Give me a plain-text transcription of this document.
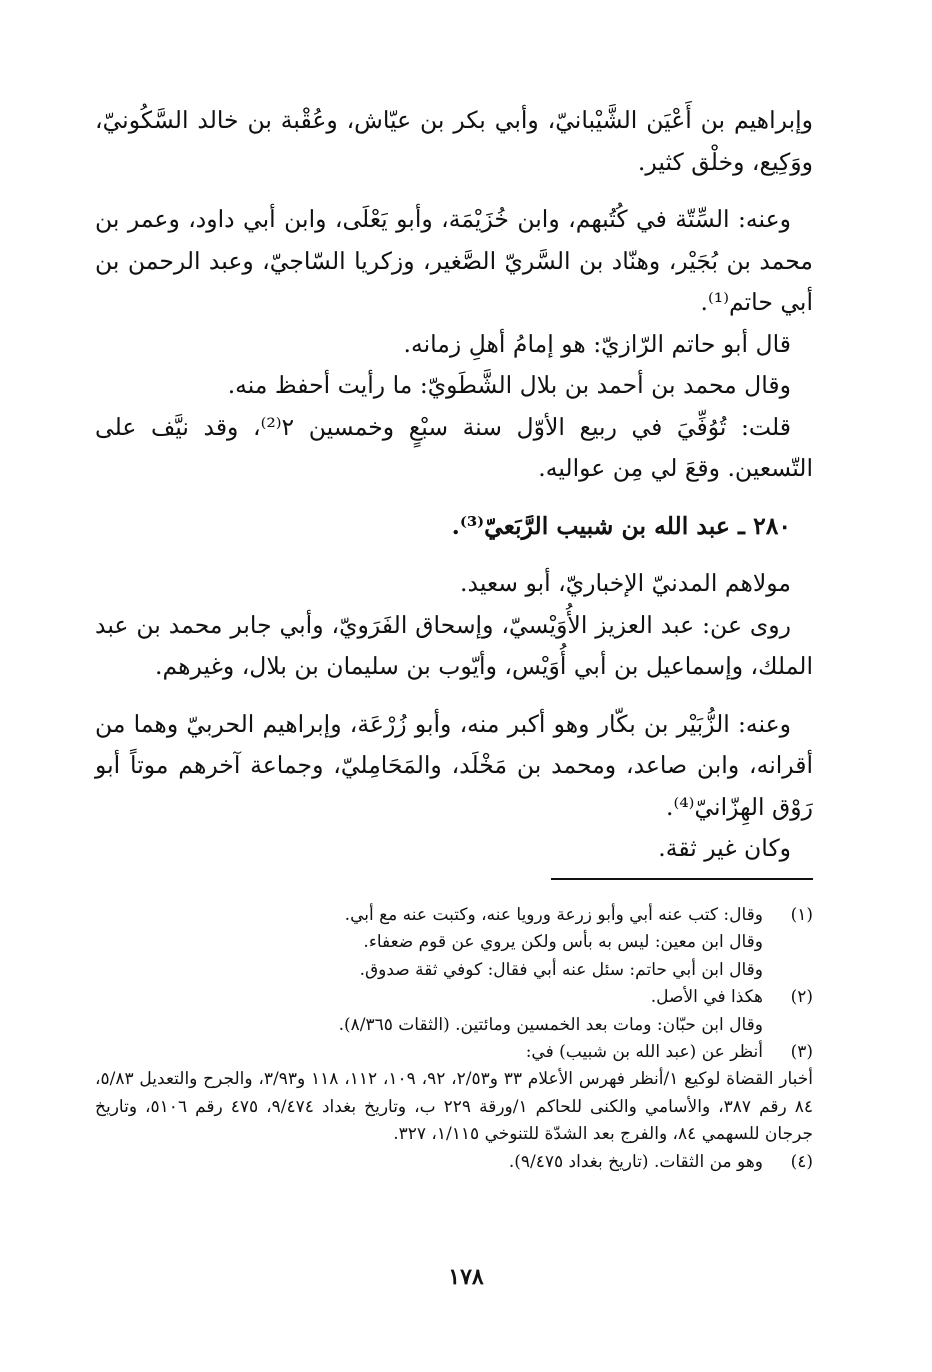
وإبراهيم بن أَعْيَن الشَّيْبانيّ، وأبي بكر بن عيّاش، وعُقْبة بن خالد السَّكُونيّ، ووَكِيع، وخلْق كثير.

وعنه: السِّتّة في كُتُبهم، وابن خُزَيْمَة، وأبو يَعْلَى، وابن أبي داود، وعمر بن محمد بن بُجَيْر، وهنّاد بن السَّريّ الصَّغير، وزكريا السّاجيّ، وعبد الرحمن بن أبي حاتم⁽¹⁾.

قال أبو حاتم الرّازيّ: هو إمامُ أهلِ زمانه.

وقال محمد بن أحمد بن بلال الشَّطَويّ: ما رأيت أحفظ منه.

قلت: تُوُفِّيَ في ربيع الأوّل سنة سبْعٍ وخمسين ٢⁽²⁾، وقد نيَّف على التّسعين. وقعَ لي مِن عواليه.

٢٨٠ ـ عبد الله بن شبيب الرَّبَعيّ⁽³⁾.

مولاهم المدنيّ الإخباريّ، أبو سعيد.

روى عن: عبد العزيز الأُوَيْسيّ، وإسحاق الفَرَويّ، وأبي جابر محمد بن عبد الملك، وإسماعيل بن أبي أُوَيْس، وأيّوب بن سليمان بن بلال، وغيرهم.

وعنه: الزُّبَيْر بن بكّار وهو أكبر منه، وأبو زُرْعَة، وإبراهيم الحربيّ وهما من أقرانه، وابن صاعد، ومحمد بن مَخْلَد، والمَحَامِليّ، وجماعة آخرهم موتاً أبو رَوْق الهِزّانيّ⁽⁴⁾.

وكان غير ثقة.

(١)
وقال: كتب عنه أبي وأبو زرعة ورويا عنه، وكتبت عنه مع أبي.
وقال ابن معين: ليس به بأس ولكن يروي عن قوم ضعفاء.
وقال ابن أبي حاتم: سئل عنه أبي فقال: كوفي ثقة صدوق.
(٢)
هكذا في الأصل.
وقال ابن حبّان: ومات بعد الخمسين ومائتين. (الثقات ٨/٣٦٥).
(٣)
أنظر عن (عبد الله بن شبيب) في:
أخبار القضاة لوكيع ١/أنظر فهرس الأعلام ٣٣ و٢/٥٣، ٩٢، ١٠٩، ١١٢، ١١٨ و٣/٩٣، والجرح والتعديل ٥/٨٣، ٨٤ رقم ٣٨٧، والأسامي والكنى للحاكم ١/ورقة ٢٢٩ ب، وتاريخ بغداد ٩/٤٧٤، ٤٧٥ رقم ٥١٠٦، وتاريخ جرجان للسهمي ٨٤، والفرج بعد الشدّة للتنوخي ١/١١٥، ٣٢٧.
(٤)
وهو من الثقات. (تاريخ بغداد ٩/٤٧٥).
١٧٨
